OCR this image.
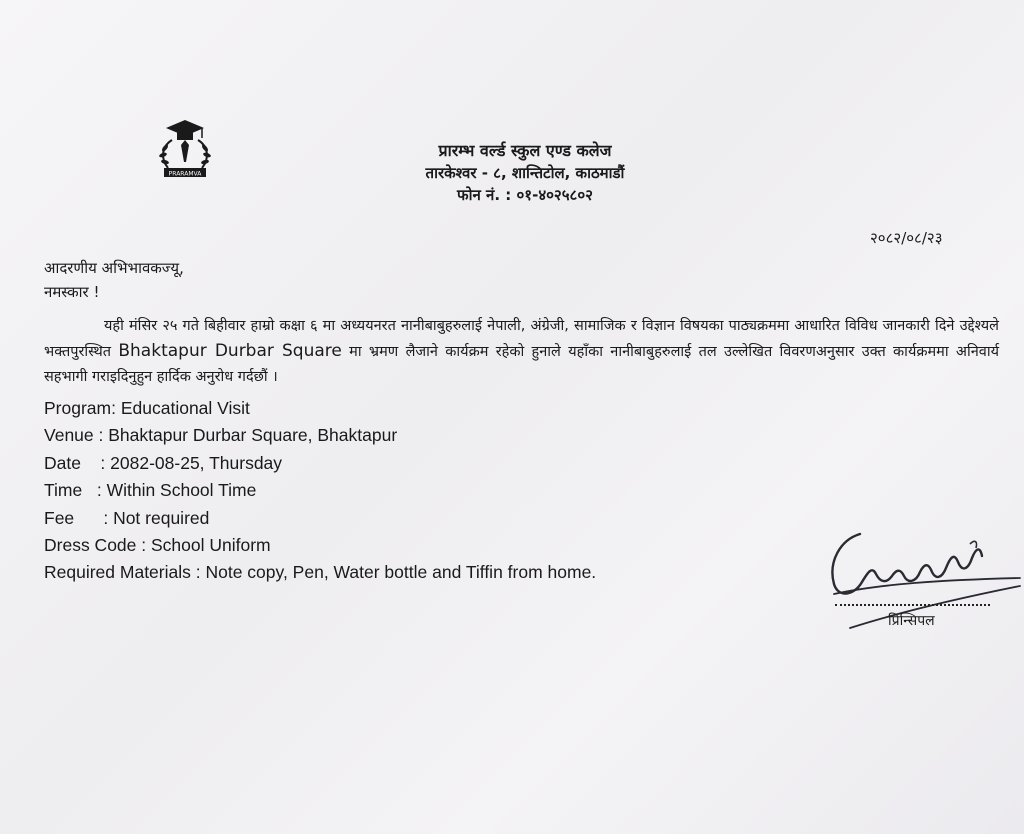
PRARAMVA
प्रारम्भ वर्ल्ड स्कुल एण्ड कलेज
तारकेश्वर - ८, शान्तिटोल, काठमाडौं
फोन नं. : ०१-४०२५८०२
२०८२/०८/२३
आदरणीय अभिभावकज्यू,
नमस्कार !
यही मंसिर २५ गते बिहीवार हाम्रो कक्षा ६ मा अध्ययनरत नानीबाबुहरुलाई नेपाली, अंग्रेजी, सामाजिक र विज्ञान विषयका पाठ्यक्रममा आधारित विविध जानकारी दिने उद्देश्यले भक्तपुरस्थित Bhaktapur Durbar Square मा भ्रमण लैजाने कार्यक्रम रहेको हुनाले यहाँका नानीबाबुहरुलाई तल उल्लेखित विवरणअनुसार उक्त कार्यक्रममा अनिवार्य सहभागी गराइदिनुहुन हार्दिक अनुरोध गर्दछौं ।
Program: Educational Visit
Venue : Bhaktapur Durbar Square, Bhaktapur
Date    : 2082-08-25, Thursday
Time   : Within School Time
Fee      : Not required
Dress Code : School Uniform
Required Materials : Note copy, Pen, Water bottle and Tiffin from home.
प्रिन्सिपल
